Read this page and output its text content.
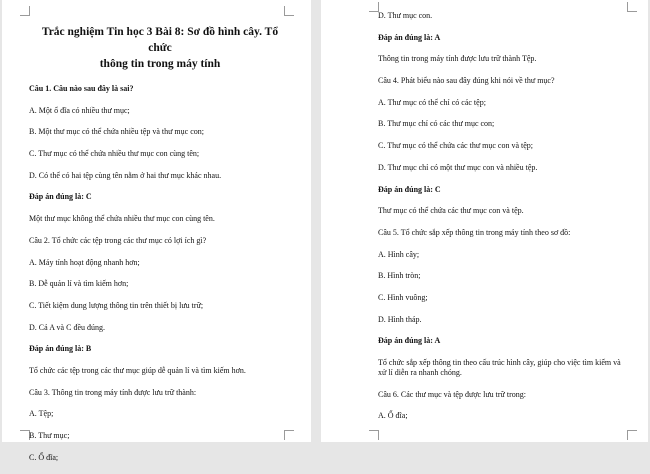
Trắc nghiệm Tin học 3 Bài 8: Sơ đồ hình cây. Tổ chức
thông tin trong máy tính
Câu 1. Câu nào sau đây là sai?
A. Một ổ đĩa có nhiều thư mục;
B. Một thư mục có thể chứa nhiều tệp và thư mục con;
C. Thư mục có thể chứa nhiều thư mục con cùng tên;
D. Có thể có hai tệp cùng tên nằm ở hai thư mục khác nhau.
Đáp án đúng là: C
Một thư mục không thể chứa nhiều thư mục con cùng tên.
Câu 2. Tổ chức các tệp trong các thư mục có lợi ích gì?
A. Máy tính hoạt động nhanh hơn;
B. Dễ quản lí và tìm kiếm hơn;
C. Tiết kiệm dung lượng thông tin trên thiết bị lưu trữ;
D. Cả A và C đều đúng.
Đáp án đúng là: B
Tổ chức các tệp trong các thư mục giúp dễ quản lí và tìm kiếm hơn.
Câu 3. Thông tin trong máy tính được lưu trữ thành:
A. Tệp;
B. Thư mục;
C. Ổ đĩa;
D. Thư mục con.
Đáp án đúng là: A
Thông tin trong máy tính được lưu trữ thành Tệp.
Câu 4. Phát biểu nào sau đây đúng khi nói về thư mục?
A. Thư mục có thể chỉ có các tệp;
B. Thư mục chỉ có các thư mục con;
C. Thư mục có thể chứa các thư mục con và tệp;
D. Thư mục chỉ có một thư mục con và nhiều tệp.
Đáp án đúng là: C
Thư mục có thể chứa các thư mục con và tệp.
Câu 5. Tổ chức sắp xếp thông tin trong máy tính theo sơ đồ:
A. Hình cây;
B. Hình tròn;
C. Hình vuông;
D. Hình tháp.
Đáp án đúng là: A
Tổ chức sắp xếp thông tin theo cấu trúc hình cây, giúp cho việc tìm kiếm và xử lí diễn ra nhanh chóng.
Câu 6. Các thư mục và tệp được lưu trữ trong:
A. Ổ đĩa;
